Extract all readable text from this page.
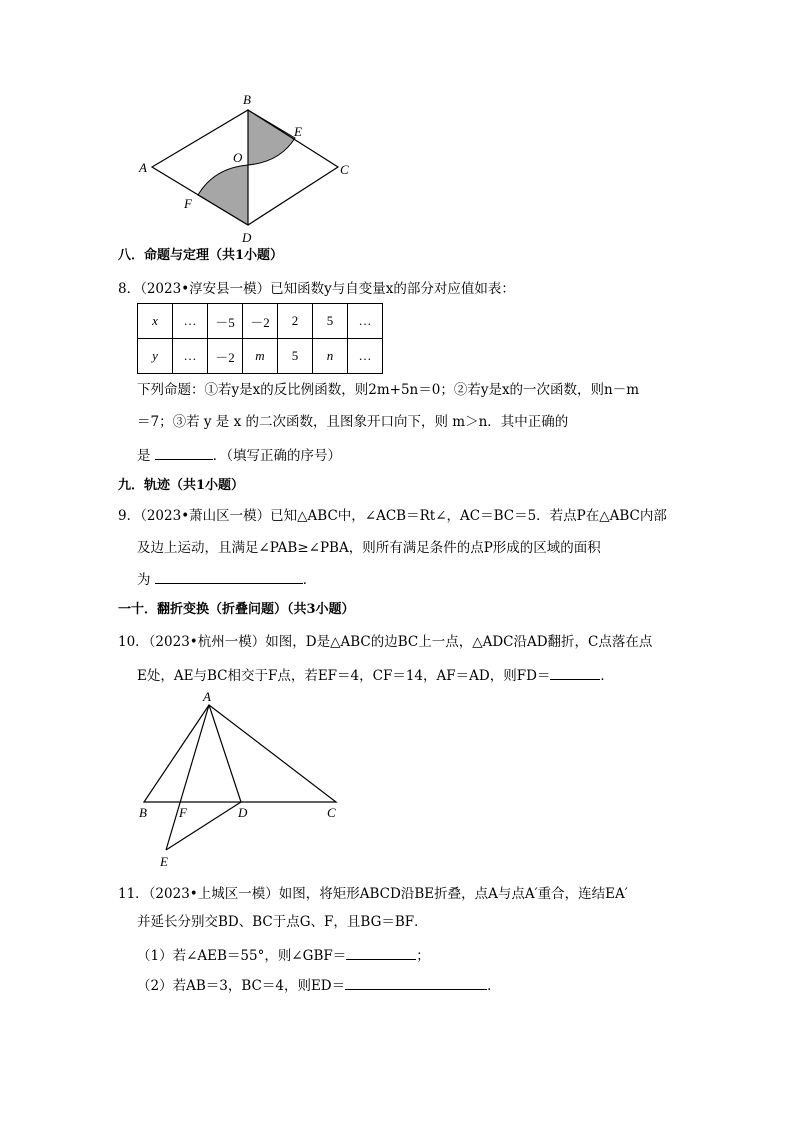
B
E
O
A	C
F
D
八．命题与定理（共1小题）
8．（2023•淳安县一模）已知函数y与自变量x的部分对应值如表：
x	…	－5	－2	2	5	…
y	…	－2	m	5	n	…
下列命题：①若y是x的反比例函数，则2m+5n＝0；②若y是x的一次函数，则n－m
＝7；③若 y 是 x 的二次函数，且图象开口向下，则 m＞n．其中正确的
是	．（填写正确的序号）
九．轨迹（共1小题）
9．（2023•萧山区一模）已知△ABC中，∠ACB＝Rt∠，AC＝BC＝5．若点P在△ABC内部
及边上运动，且满足∠PAB≥∠PBA，则所有满足条件的点P形成的区域的面积
为	．
一十．翻折变换（折叠问题）（共3小题）
10．（2023•杭州一模）如图，D是△ABC的边BC上一点，△ADC沿AD翻折，C点落在点
E处，AE与BC相交于F点，若EF＝4，CF＝14，AF＝AD，则FD＝	．
A
B F	D	C
E
11．（2023•上城区一模）如图，将矩形ABCD沿BE折叠，点A与点A′重合，连结EA′
并延长分别交BD、BC于点G、F，且BG＝BF．
（1）若∠AEB＝55°，则∠GBF＝	；
（2）若AB＝3，BC＝4，则ED＝	．
